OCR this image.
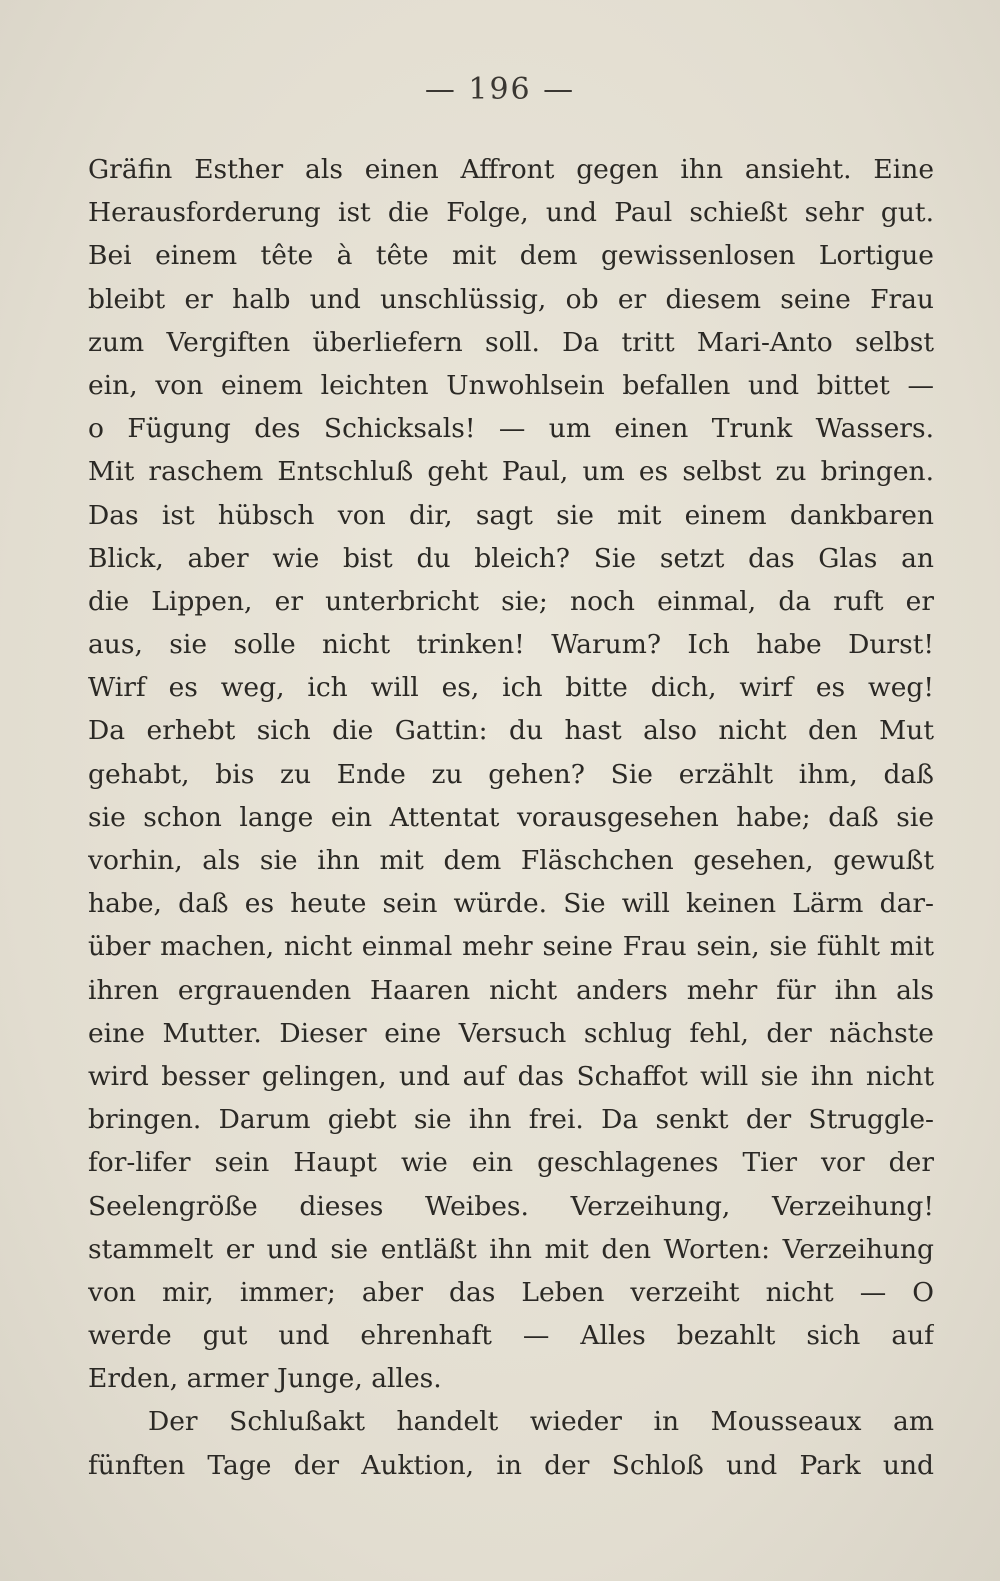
— 196 —
Gräfin Esther als einen Affront gegen ihn ansieht. Eine
Herausforderung ist die Folge, und Paul schießt sehr gut.
Bei einem tête à tête mit dem gewissenlosen Lortigue
bleibt er halb und unschlüssig, ob er diesem seine Frau
zum Vergiften überliefern soll. Da tritt Mari-Anto selbst
ein, von einem leichten Unwohlsein befallen und bittet —
o Fügung des Schicksals! — um einen Trunk Wassers.
Mit raschem Entschluß geht Paul, um es selbst zu bringen.
Das ist hübsch von dir, sagt sie mit einem dankbaren
Blick, aber wie bist du bleich? Sie setzt das Glas an
die Lippen, er unterbricht sie; noch einmal, da ruft er
aus, sie solle nicht trinken! Warum? Ich habe Durst!
Wirf es weg, ich will es, ich bitte dich, wirf es weg!
Da erhebt sich die Gattin: du hast also nicht den Mut
gehabt, bis zu Ende zu gehen? Sie erzählt ihm, daß
sie schon lange ein Attentat vorausgesehen habe; daß sie
vorhin, als sie ihn mit dem Fläschchen gesehen, gewußt
habe, daß es heute sein würde. Sie will keinen Lärm dar-
über machen, nicht einmal mehr seine Frau sein, sie fühlt mit
ihren ergrauenden Haaren nicht anders mehr für ihn als
eine Mutter. Dieser eine Versuch schlug fehl, der nächste
wird besser gelingen, und auf das Schaffot will sie ihn nicht
bringen. Darum giebt sie ihn frei. Da senkt der Struggle-
for-lifer sein Haupt wie ein geschlagenes Tier vor der
Seelengröße dieses Weibes. Verzeihung, Verzeihung!
stammelt er und sie entläßt ihn mit den Worten: Verzeihung
von mir, immer; aber das Leben verzeiht nicht — O
werde gut und ehrenhaft — Alles bezahlt sich auf
Erden, armer Junge, alles.
Der Schlußakt handelt wieder in Mousseaux am
fünften Tage der Auktion, in der Schloß und Park und
